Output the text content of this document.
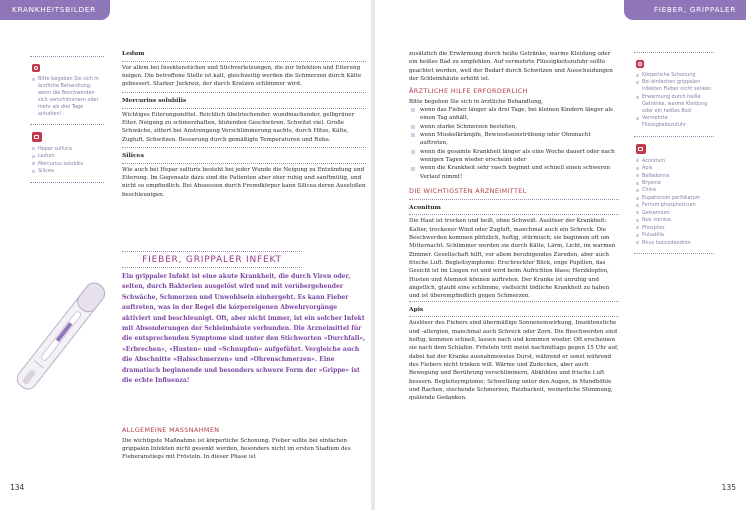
KRANKHEITSBILDER

Bitte begeben Sie sich in ärztliche Behandlung, wenn die Beschwerden sich verschlimmern oder mehr als drei Tage anhalten!

Hepar sulfuris
Ledum
Mercurius solubilis
Silicea
Ledum

Vor allem bei Insektenstichen und Stichverletzungen, die zur Infektion und Eiterung neigen. Die betroffene Stelle ist kalt, gleichzeitig werden die Schmerzen durch Kälte gebessert. Starker Juckreiz, der durch Kratzen schlimmer wird.

Mercurius solubilis

Wichtiges Eiterungsmittel. Reichlich übelriechender, wundmachender, gelbgrüner Eiter. Neigung zu schmerzhaften, blutenden Geschwüren. Schwitzt viel. Große Schwäche, zittert bei Anstrengung Verschlimmerung nachts, durch Hitze, Kälte, Zugluft, Schwitzen. Besserung durch gemäßigte Temperaturen und Ruhe.

Silicea

Wie auch bei Hepar sulfuris besteht bei jeder Wunde die Neigung zu Entzündung und Eiterung. Im Gegensatz dazu sind die Patienten aber eher ruhig und sanftmütig, und nicht so empfindlich. Bei Abszessen durch Fremdkörper kann Silicea deren Ausstoßen beschleunigen.

FIEBER, GRIPPALER INFEKT

Ein grippaler Infekt ist eine akute Krankheit, die durch Viren oder, selten, durch Bakterien ausgelöst wird und mit vorübergehender Schwäche, Schmerzen und Unwohlsein einhergeht. Es kann Fieber auftreten, was in der Regel die körpereigenen Abwehrvorgänge aktiviert und beschleunigt. Oft, aber nicht immer, ist ein solcher Infekt mit Absonderungen der Schleimhäute verbunden. Die Arzneimittel für die entsprechenden Symptome sind unter den Stichworten »Durchfall«, »Erbrechen«, »Husten« und »Schnupfen« aufgeführt. Vergleiche auch die Abschnitte »Halsschmerzen« und »Ohrenschmerzen«. Eine dramatisch beginnende und besonders schwere Form der »Grippe« ist die echte Influenza!

ALLGEMEINE MASSNAHMEN

Die wichtigste Maßnahme ist körperliche Schonung. Fieber sollte bei einfachen grippalen Infekten nicht gesenkt werden, besonders nicht im ersten Stadium des Fieberanstiegs mit Frösteln. In dieser Phase ist

134
FIEBER, GRIPPALER INFEKT

zusätzlich die Erwärmung durch heiße Getränke, warme Kleidung oder ein heißes Bad zu empfehlen. Auf vermehrte Flüssigkeitszufuhr sollte geachtet werden, weil der Bedarf durch Schwitzen und Ausscheidungen der Schleimhäute erhöht ist.

ÄRZTLICHE HILFE ERFORDERLICH

Bitte begeben Sie sich in ärztliche Behandlung,

wenn das Fieber länger als drei Tage, bei kleinen Kindern länger als einen Tag anhält,
wenn starke Schmerzen bestehen,
wenn Muskelkrämpfe, Bewusstseinstrübung oder Ohnmacht auftreten,
wenn die gesamte Krankheit länger als eine Woche dauert oder nach wenigen Tagen wieder erscheint oder
wenn die Krankheit sehr rasch beginnt und schnell einen schweren Verlauf nimmt!
DIE WICHTIGSTEN ARZNEIMITTEL
Aconitum

Die Haut ist trocken und heiß, ohne Schweiß. Auslöser der Krankheit: Kalter, trockener Wind oder Zugluft, manchmal auch ein Schreck. Die Beschwerden kommen plötzlich, heftig, stürmisch; sie beginnen oft um Mitternacht. Schlimmer werden sie durch Kälte, Lärm, Licht, im warmen Zimmer. Gesellschaft hilft, vor allem beruhigendes Zureden, aber auch frische Luft. Begleitsymptome: Erschreckter Blick, enge Pupillen, das Gesicht ist im Liegen rot und wird beim Aufrichten blass; Herzklopfen, Husten und Atemnot können auftreten. Der Kranke ist unruhig und ängstlich, glaubt eine schlimme, vielleicht tödliche Krankheit zu haben und ist überempfindlich gegen Schmerzen.

Apis

Auslöser des Fiebers sind übermäßige Sonneneinwirkung, Insektenstiche und -allergien, manchmal auch Schreck oder Zorn. Die Beschwerden sind heftig, kommen schnell, lassen nach und kommen wieder. Oft erscheinen sie nach dem Schlafen. Frösteln tritt meist nachmittags gegen 15 Uhr auf, dabei hat der Kranke ausnahmsweise Durst, während er sonst während des Fiebers nicht trinken will. Wärme und Zudecken, aber auch Bewegung und Berührung verschlimmern, Abkühlen und frische Luft bessern. Begleitsymptome: Schwellung unter den Augen, in Mundhöhle und Rachen, stechende Schmerzen, Reizbarkeit, weinerliche Stimmung, quälende Gedanken.

Körperliche Schonung
Bei einfachen grippalen Infekten Fieber nicht senken
Erwärmung durch heiße Getränke, warme Kleidung oder ein heißes Bad
Vermehrte Flüssigkeitszufuhr
Aconitum
Apis
Belladonna
Bryonia
China
Eupatorium perfoliatum
Ferrum phosphoricum
Gelsemium
Nux vomica
Phosphor
Pulsatilla
Rhus toxicodendron
135
